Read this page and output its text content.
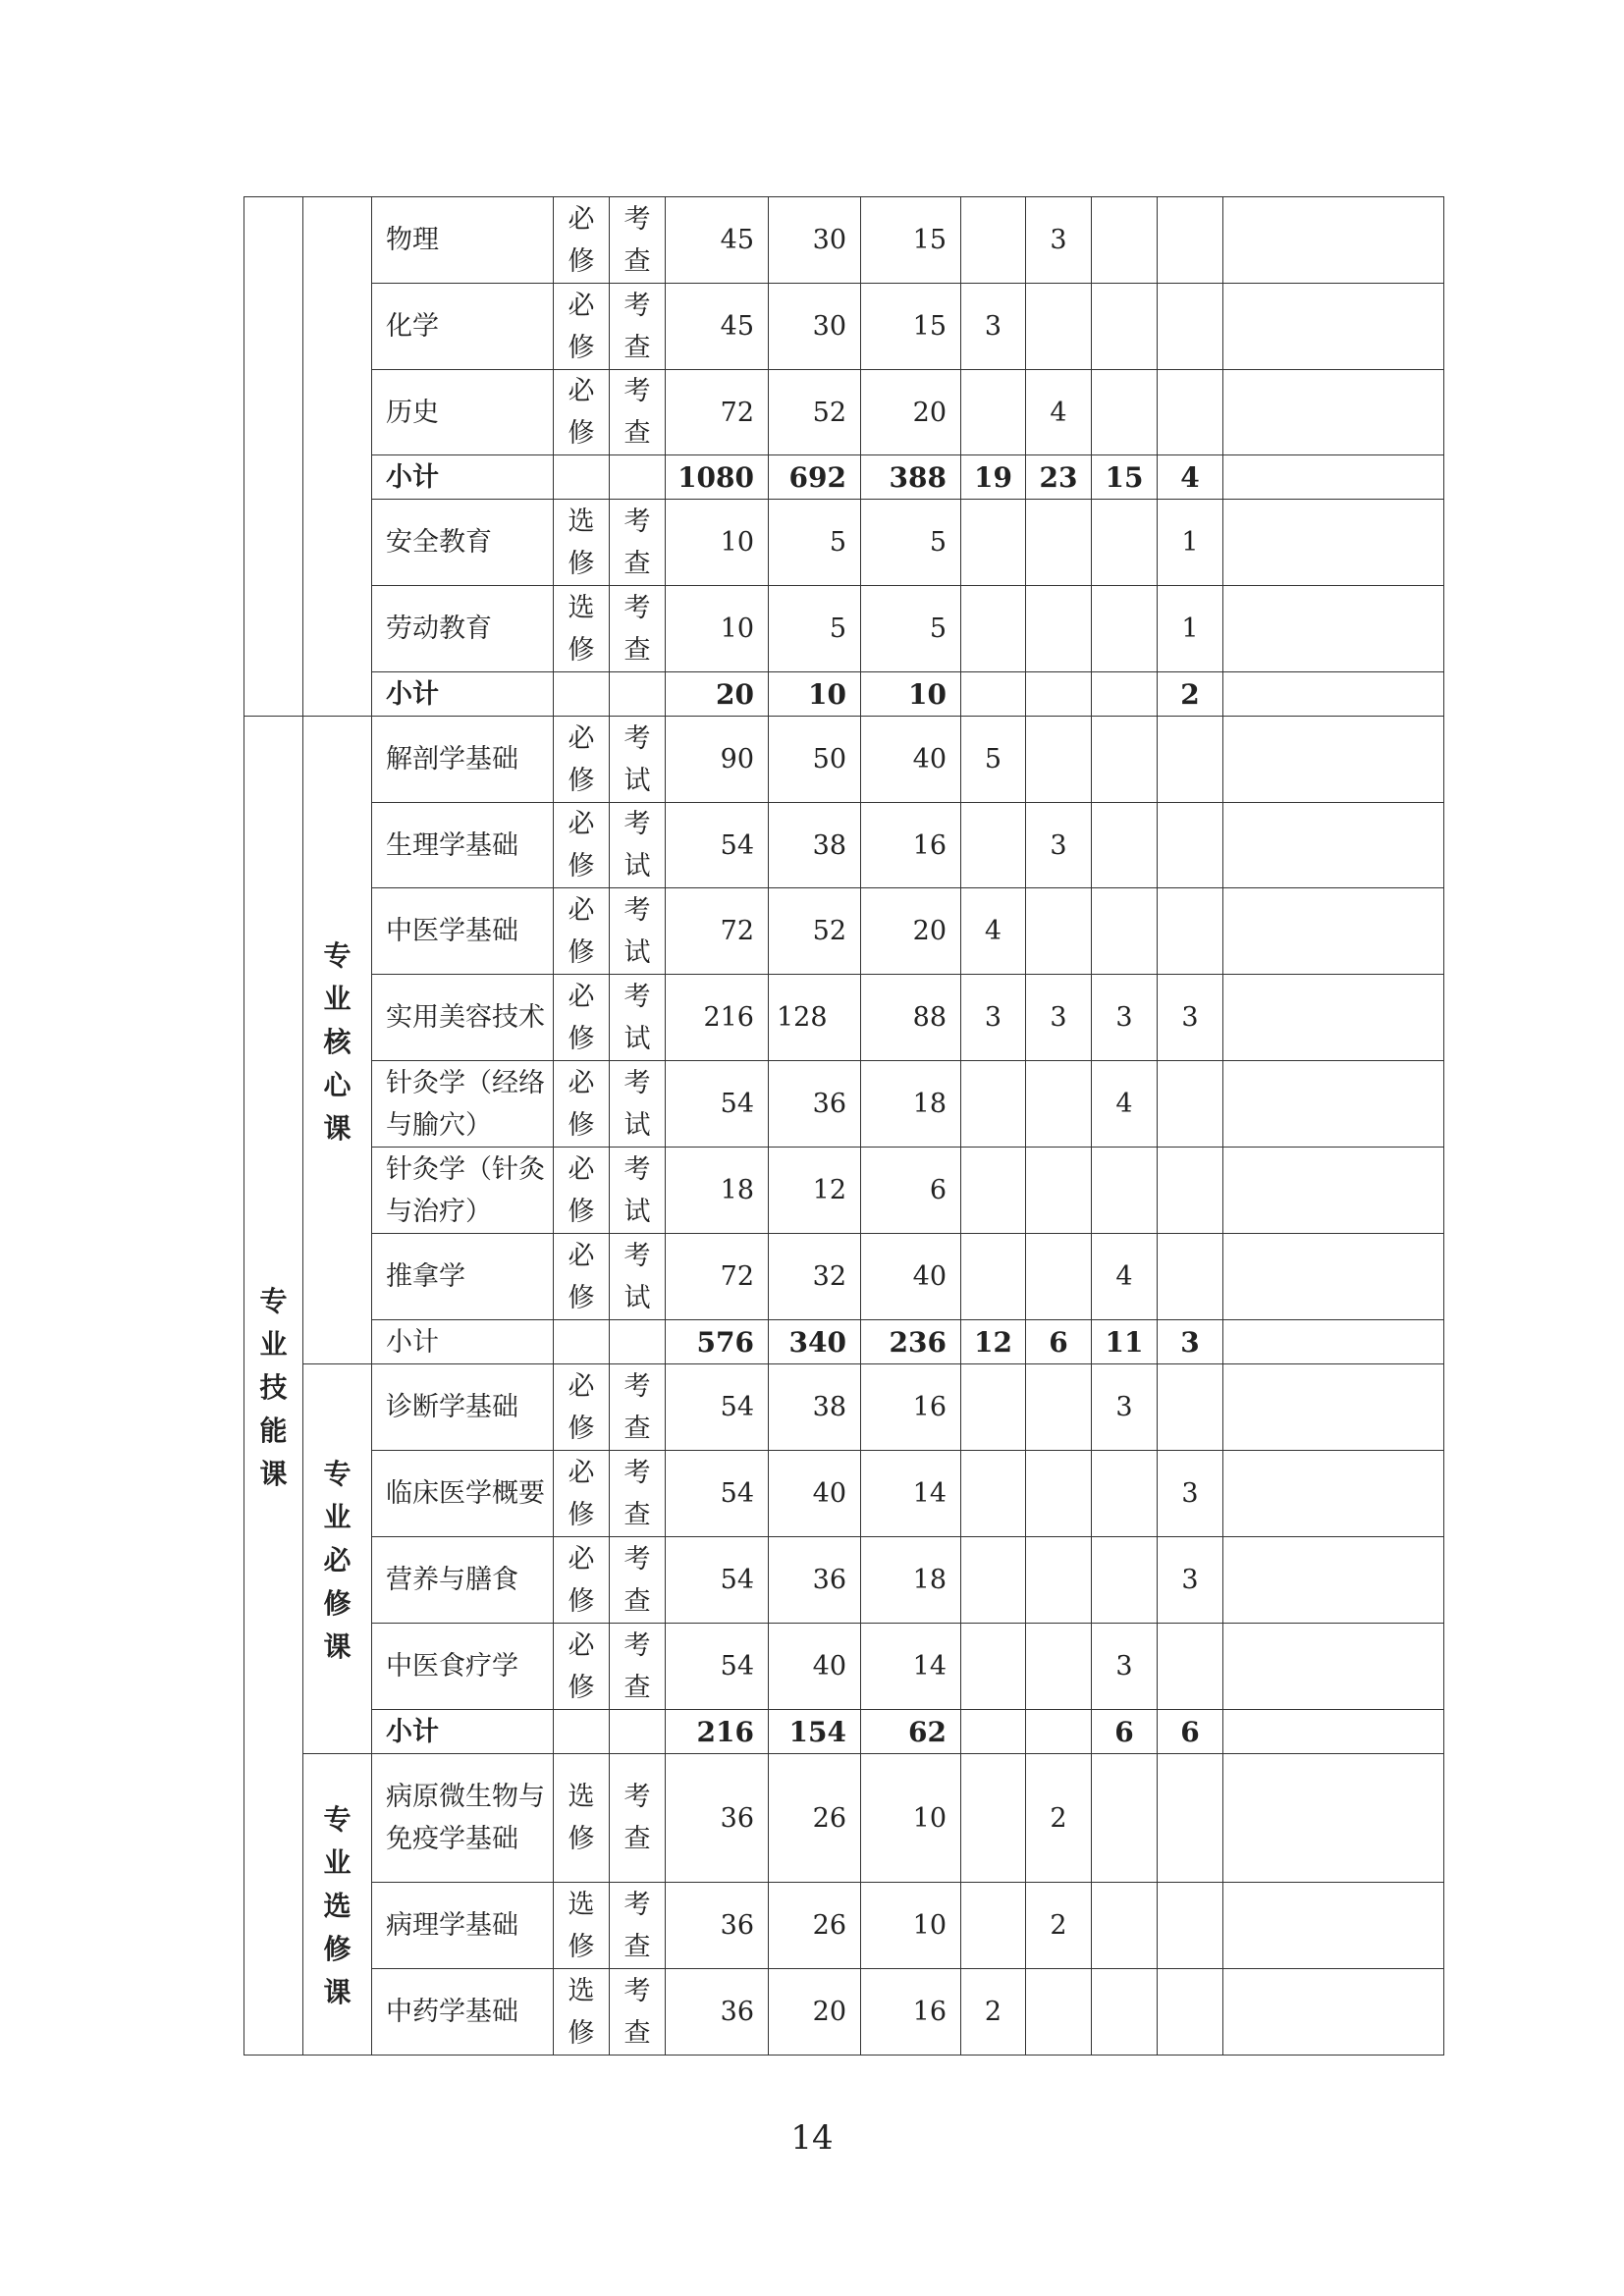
		物理	必修	考查	45	30	15		3			
		化学	必修	考查	45	30	15	3				
		历史	必修	考查	72	52	20		4			
		小计			1080	692	388	19	23	15	4	
		安全教育	选修	考查	10	5	5				1	
		劳动教育	选修	考查	10	5	5				1	
		小计			20	10	10				2	
专业技能课	专业核心课	解剖学基础	必修	考试	90	50	40	5				
		生理学基础	必修	考试	54	38	16		3			
		中医学基础	必修	考试	72	52	20	4				
		实用美容技术	必修	考试	216	128	88	3	3	3	3	
		针灸学（经络与腧穴）	必修	考试	54	36	18			4		
		针灸学（针灸与治疗）	必修	考试	18	12	6					
		推拿学	必修	考试	72	32	40			4		
		小计			576	340	236	12	6	11	3	
	专业必修课	诊断学基础	必修	考查	54	38	16			3		
		临床医学概要	必修	考查	54	40	14				3	
		营养与膳食	必修	考查	54	36	18				3	
		中医食疗学	必修	考查	54	40	14			3		
		小计			216	154	62			6	6	
	专业选修课	病原微生物与免疫学基础	选修	考查	36	26	10		2			
		病理学基础	选修	考查	36	26	10		2			
		中药学基础	选修	考查	36	20	16	2				
14
